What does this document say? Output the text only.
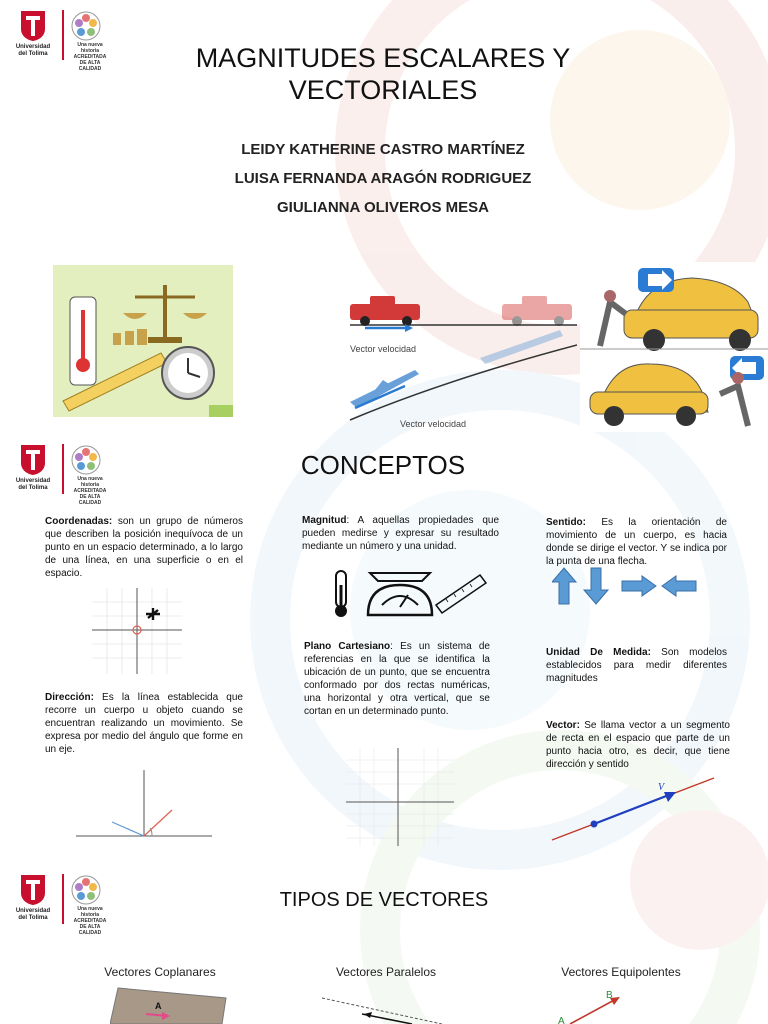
Universidad
del Tolima
Una nueva historia
ACREDITADA
DE ALTA CALIDAD	MAGNITUDES ESCALARES Y
VECTORIALES
LEIDY KATHERINE CASTRO MARTÍNEZ
LUISA FERNANDA ARAGÓN RODRIGUEZ
GIULIANNA OLIVEROS MESA
Vector velocidad
Vector velocidad
Universidad
del Tolima
Una nueva historia
ACREDITADA
DE ALTA CALIDAD
CONCEPTOS
Coordenadas: son un grupo de números que describen la posición inequívoca de un punto en un espacio determinado, a lo largo de una línea, en una superficie o en el espacio.
Dirección: Es la línea establecida que recorre un cuerpo u objeto cuando se encuentran realizando un movimiento. Se expresa por medio del ángulo que forme en un eje.
Magnitud: A aquellas propiedades que pueden medirse y expresar su resultado mediante un número y una unidad.
Plano Cartesiano: Es un sistema de referencias en la que se identifica la ubicación de un punto, que se encuentra conformado por dos rectas numéricas, una horizontal y otra vertical, que se cortan en un determinado punto.
Sentido: Es la orientación de movimiento de un cuerpo, es hacia donde se dirige el vector. Y se indica por la punta de una flecha.
Unidad De Medida: Son modelos establecidos para medir diferentes magnitudes
Vector: Se llama vector a un segmento de recta en el espacio que parte de un punto hacia otro, es decir, que tiene dirección y sentido
V
Universidad
del Tolima
Una nueva historia
ACREDITADA
DE ALTA CALIDAD
TIPOS DE VECTORES
Vectores Coplanares	Vectores Paralelos	Vectores Equipolentes
A
B
A
